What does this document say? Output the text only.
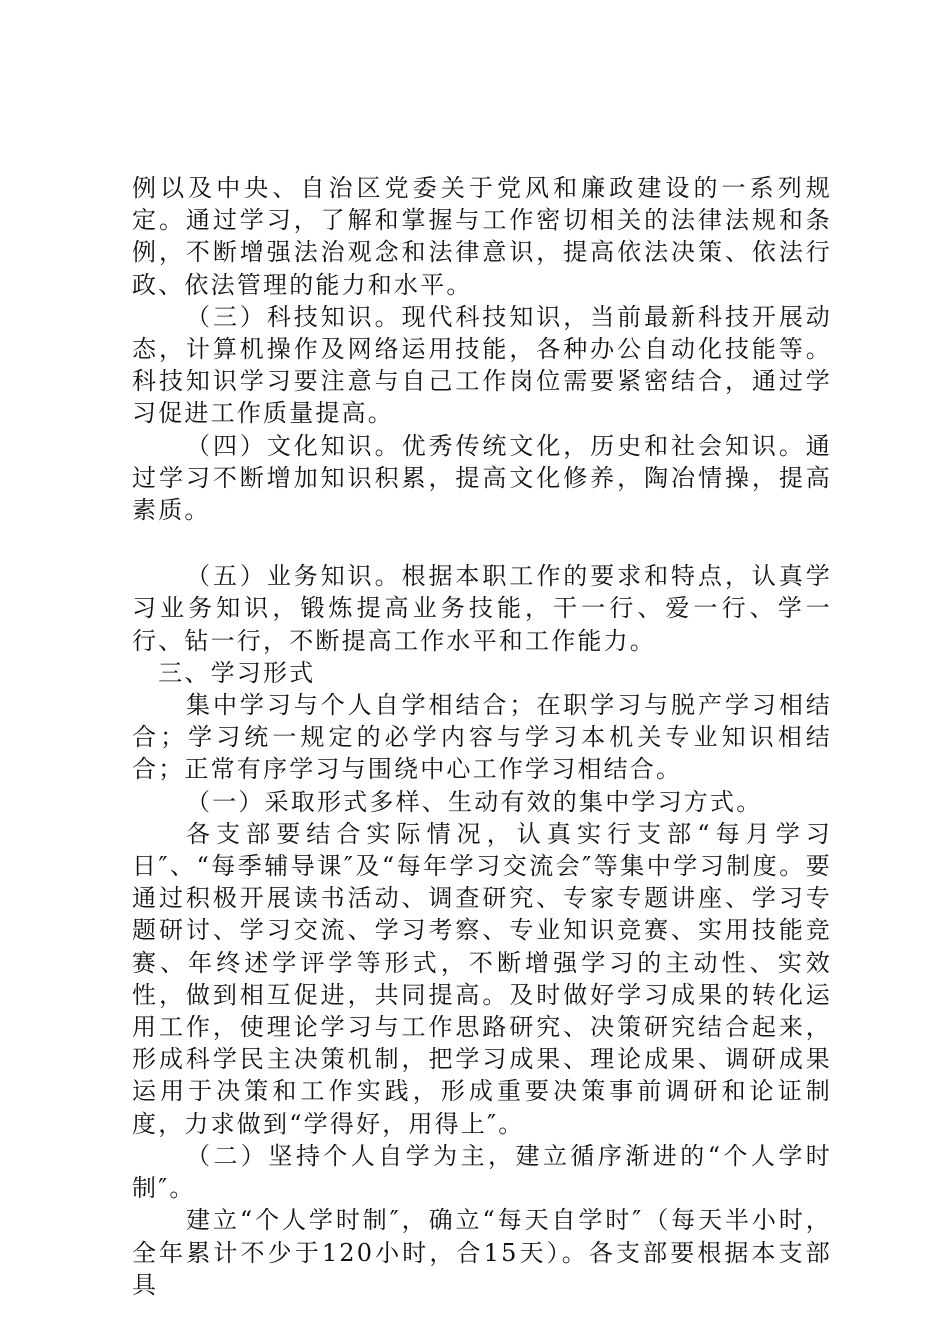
例以及中央、自治区党委关于党风和廉政建设的一系列规定。通过学习，了解和掌握与工作密切相关的法律法规和条例，不断增强法治观念和法律意识，提高依法决策、依法行政、依法管理的能力和水平。

（三）科技知识。现代科技知识，当前最新科技开展动态，计算机操作及网络运用技能，各种办公自动化技能等。科技知识学习要注意与自己工作岗位需要紧密结合，通过学习促进工作质量提高。

（四）文化知识。优秀传统文化，历史和社会知识。通过学习不断增加知识积累，提高文化修养，陶冶情操，提高素质。

（五）业务知识。根据本职工作的要求和特点，认真学习业务知识，锻炼提高业务技能，干一行、爱一行、学一行、钻一行，不断提高工作水平和工作能力。

　三、学习形式

集中学习与个人自学相结合；在职学习与脱产学习相结合；学习统一规定的必学内容与学习本机关专业知识相结合；正常有序学习与围绕中心工作学习相结合。

（一）采取形式多样、生动有效的集中学习方式。

各支部要结合实际情况，认真实行支部“每月学习日″、“每季辅导课″及“每年学习交流会″等集中学习制度。要通过积极开展读书活动、调查研究、专家专题讲座、学习专题研讨、学习交流、学习考察、专业知识竞赛、实用技能竞赛、年终述学评学等形式，不断增强学习的主动性、实效性，做到相互促进，共同提高。及时做好学习成果的转化运用工作，使理论学习与工作思路研究、决策研究结合起来，形成科学民主决策机制，把学习成果、理论成果、调研成果运用于决策和工作实践，形成重要决策事前调研和论证制度，力求做到“学得好，用得上″。

（二）坚持个人自学为主，建立循序渐进的“个人学时制″。

建立“个人学时制″，确立“每天自学时″（每天半小时，全年累计不少于120小时，合15天）。各支部要根据本支部具
